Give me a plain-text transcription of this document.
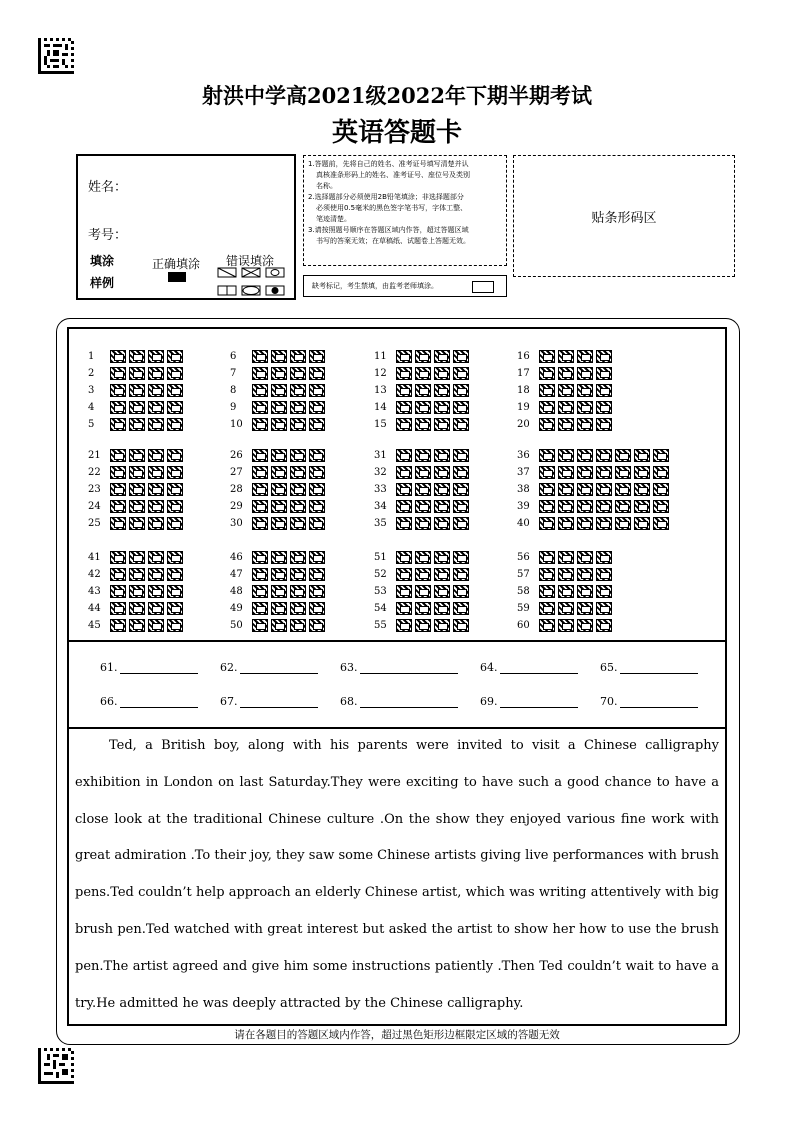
射洪中学高2021级2022年下期半期考试
英语答题卡
姓名：
考号：
填涂
样例
正确填涂 错误填涂
1.答题前，先将自己的姓名、准考证号填写清楚并认
真核准条形码上的姓名、准考证号、座位号及类别
名称。
2.选择题部分必须使用2B铅笔填涂；非选择题部分
必须使用0.5毫米的黑色签字笔书写，字体工整、
笔迹清楚。
3.请按照题号顺序在答题区域内作答，超过答题区域
书写的答案无效；在草稿纸、试题卷上答题无效。
缺考标记，考生禁填，由监考老师填涂。
贴条形码区
1
2
3
4
5
6
7
8
9
10
11
12
13
14
15
16
17
18
19
20
21
22
23
24
25
26
27
28
29
30
31
32
33
34
35
36
37
38
39
40
41
42
43
44
45
46
47
48
49
50
51
52
53
54
55
56
57
58
59
60
61.	62.	63.	64.	65.
66.	67.	68.	69.	70.
Ted, a British boy, along with his parents were invited to visit a Chinese calligraphy exhibition in London on last Saturday.They were exciting to have such a good chance to have a close look at the traditional Chinese culture .On the show they enjoyed various fine work with great admiration .To their joy, they saw some Chinese artists giving live performances with brush pens.Ted couldn’t help approach an elderly Chinese artist, which was writing attentively with big brush pen.Ted watched with great interest but asked the artist to show her how to use the brush pen.The artist agreed and give him some instructions patiently .Then Ted couldn’t wait to have a try.He admitted he was deeply attracted by the Chinese calligraphy.
请在各题目的答题区域内作答，超过黑色矩形边框限定区域的答题无效
